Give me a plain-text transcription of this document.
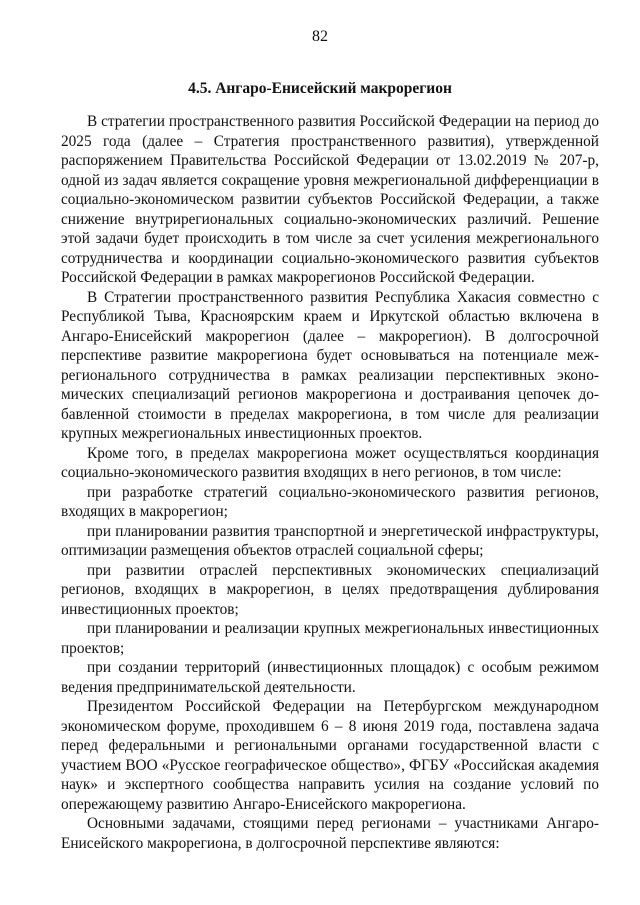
82
4.5. Ангаро-Енисейский макрорегион

В стратегии пространственного развития Российской Федерации на период до 2025 года (далее – Стратегия пространственного развития), утвержденной распоряжением Правительства Российской Федерации от 13.02.2019 № 207-р, одной из задач является сокращение уровня межрегиональной дифференциации в социально-экономическом развитии субъектов Российской Федерации, а также снижение внутрирегиональных социально-экономических различий. Решение этой задачи будет происходить в том числе за счет усиления межрегионального сотрудничества и координации социально-экономического развития субъектов Российской Федерации в рамках макрорегионов Российской Федерации.

В Стратегии пространственного развития Республика Хакасия совместно с Республикой Тыва, Красноярским краем и Иркутской областью включена в Ангаро-Енисейский макрорегион (далее – макрорегион). В долгосрочной перспективе развитие макрорегиона будет основываться на потенциале межрегионального сотрудничества в рамках реализации перспективных экономических специализаций регионов макрорегиона и достраивания цепочек добавленной стоимости в пределах макрорегиона, в том числе для реализации крупных межрегиональных инвестиционных проектов.

Кроме того, в пределах макрорегиона может осуществляться координация социально-экономического развития входящих в него регионов, в том числе:

при разработке стратегий социально-экономического развития регионов, входящих в макрорегион;

при планировании развития транспортной и энергетической инфраструктуры, оптимизации размещения объектов отраслей социальной сферы;

при развитии отраслей перспективных экономических специализаций регионов, входящих в макрорегион, в целях предотвращения дублирования инвестиционных проектов;

при планировании и реализации крупных межрегиональных инвестиционных проектов;

при создании территорий (инвестиционных площадок) с особым режимом ведения предпринимательской деятельности.

Президентом Российской Федерации на Петербургском международном экономическом форуме, проходившем 6 – 8 июня 2019 года, поставлена задача перед федеральными и региональными органами государственной власти с участием ВОО «Русское географическое общество», ФГБУ «Российская академия наук» и экспертного сообщества направить усилия на создание условий по опережающему развитию Ангаро-Енисейского макрорегиона.

Основными задачами, стоящими перед регионами – участниками Ангаро-Енисейского макрорегиона, в долгосрочной перспективе являются:
